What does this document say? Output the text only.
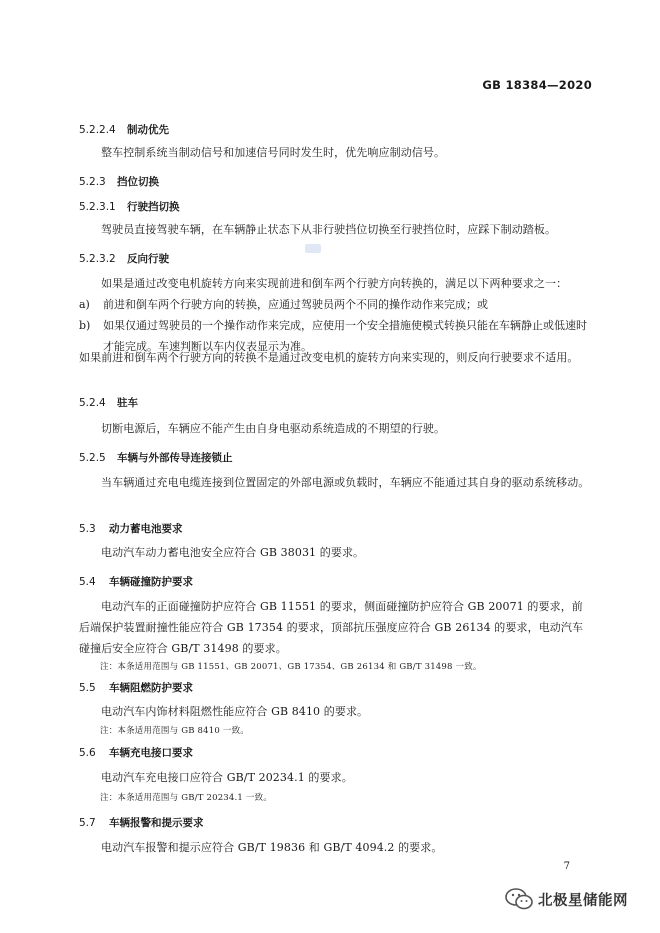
GB 18384—2020
5.2.2.4 制动优先
整车控制系统当制动信号和加速信号同时发生时，优先响应制动信号。
5.2.3 挡位切换
5.2.3.1 行驶挡切换
驾驶员直接驾驶车辆，在车辆静止状态下从非行驶挡位切换至行驶挡位时，应踩下制动踏板。
5.2.3.2 反向行驶
如果是通过改变电机旋转方向来实现前进和倒车两个行驶方向转换的，满足以下两种要求之一：
a) 前进和倒车两个行驶方向的转换，应通过驾驶员两个不同的操作动作来完成；或
b) 如果仅通过驾驶员的一个操作动作来完成，应使用一个安全措施使模式转换只能在车辆静止或低速时才能完成。车速判断以车内仪表显示为准。
如果前进和倒车两个行驶方向的转换不是通过改变电机的旋转方向来实现的，则反向行驶要求不适用。
5.2.4 驻车
切断电源后，车辆应不能产生由自身电驱动系统造成的不期望的行驶。
5.2.5 车辆与外部传导连接锁止
当车辆通过充电电缆连接到位置固定的外部电源或负载时，车辆应不能通过其自身的驱动系统移动。
5.3 动力蓄电池要求
电动汽车动力蓄电池安全应符合 GB 38031 的要求。
5.4 车辆碰撞防护要求
电动汽车的正面碰撞防护应符合 GB 11551 的要求，侧面碰撞防护应符合 GB 20071 的要求，前后端保护装置耐撞性能应符合 GB 17354 的要求，顶部抗压强度应符合 GB 26134 的要求，电动汽车碰撞后安全应符合 GB/T 31498 的要求。
注：本条适用范围与 GB 11551、GB 20071、GB 17354、GB 26134 和 GB/T 31498 一致。
5.5 车辆阻燃防护要求
电动汽车内饰材料阻燃性能应符合 GB 8410 的要求。
注：本条适用范围与 GB 8410 一致。
5.6 车辆充电接口要求
电动汽车充电接口应符合 GB/T 20234.1 的要求。
注：本条适用范围与 GB/T 20234.1 一致。
5.7 车辆报警和提示要求
电动汽车报警和提示应符合 GB/T 19836 和 GB/T 4094.2 的要求。
7
北极星储能网
